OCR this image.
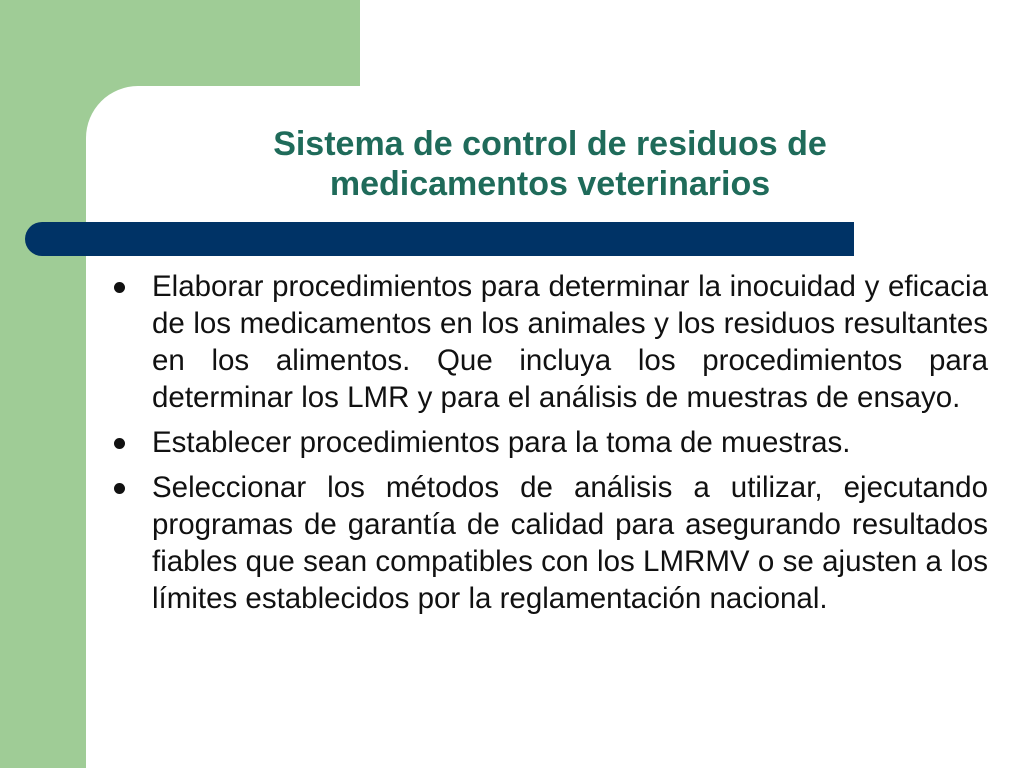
Sistema de control de residuos de medicamentos veterinarios
Elaborar procedimientos para determinar la inocuidad y eficacia de los medicamentos en los animales y los residuos resultantes en los alimentos. Que incluya los procedimientos para determinar los LMR y para el análisis de muestras de ensayo.
Establecer procedimientos para la toma de muestras.
Seleccionar los métodos de análisis a utilizar, ejecutando programas de garantía de calidad para asegurando resultados fiables que sean compatibles con los LMRMV o se ajusten a los límites establecidos por la reglamentación nacional.
